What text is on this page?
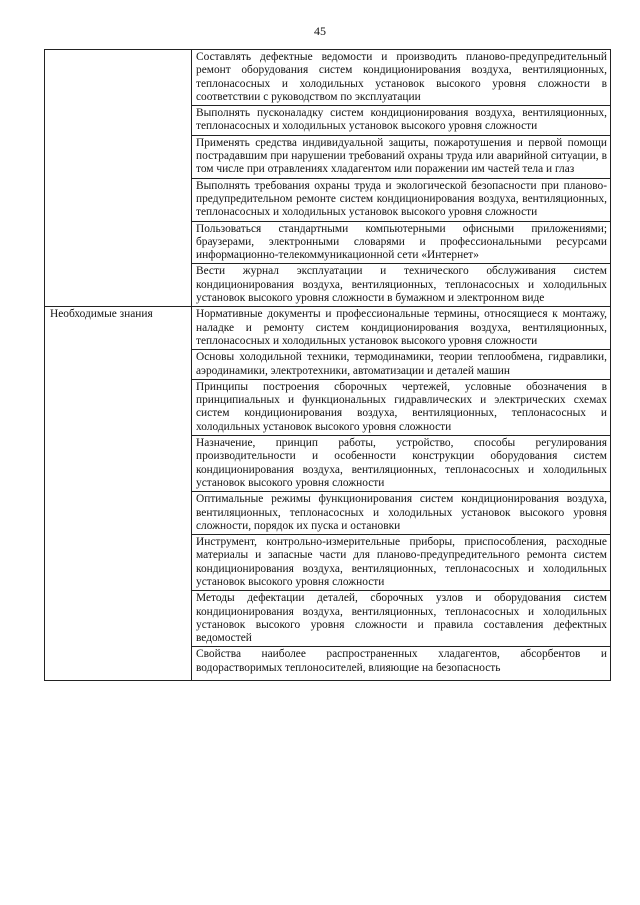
45
	Составлять дефектные ведомости и производить планово-предупредительный ремонт оборудования систем кондиционирования воздуха, вентиляционных, теплонасосных и холодильных установок высокого уровня сложности в соответствии с руководством по эксплуатации
	Выполнять пусконаладку систем кондиционирования воздуха, вентиляционных, теплонасосных и холодильных установок высокого уровня сложности
	Применять средства индивидуальной защиты, пожаротушения и первой помощи пострадавшим при нарушении требований охраны труда или аварийной ситуации, в том числе при отравлениях хладагентом или поражении им частей тела и глаз
	Выполнять требования охраны труда и экологической безопасности при планово-предупредительном ремонте систем кондиционирования воздуха, вентиляционных, теплонасосных и холодильных установок высокого уровня сложности
	Пользоваться стандартными компьютерными офисными приложениями; браузерами, электронными словарями и профессиональными ресурсами информационно-телекоммуникационной сети «Интернет»
	Вести журнал эксплуатации и технического обслуживания систем кондиционирования воздуха, вентиляционных, теплонасосных и холодильных установок высокого уровня сложности в бумажном и электронном виде
Необходимые знания	Нормативные документы и профессиональные термины, относящиеся к монтажу, наладке и ремонту систем кондиционирования воздуха, вентиляционных, теплонасосных и холодильных установок высокого уровня сложности
	Основы холодильной техники, термодинамики, теории теплообмена, гидравлики, аэродинамики, электротехники, автоматизации и деталей машин
	Принципы построения сборочных чертежей, условные обозначения в принципиальных и функциональных гидравлических и электрических схемах систем кондиционирования воздуха, вентиляционных, теплонасосных и холодильных установок высокого уровня сложности
	Назначение, принцип работы, устройство, способы регулирования производительности и особенности конструкции оборудования систем кондиционирования воздуха, вентиляционных, теплонасосных и холодильных установок высокого уровня сложности
	Оптимальные режимы функционирования систем кондиционирования воздуха, вентиляционных, теплонасосных и холодильных установок высокого уровня сложности, порядок их пуска и остановки
	Инструмент, контрольно-измерительные приборы, приспособления, расходные материалы и запасные части для планово-предупредительного ремонта систем кондиционирования воздуха, вентиляционных, теплонасосных и холодильных установок высокого уровня сложности
	Методы дефектации деталей, сборочных узлов и оборудования систем кондиционирования воздуха, вентиляционных, теплонасосных и холодильных установок высокого уровня сложности и правила составления дефектных ведомостей

	Свойства наиболее распространенных хладагентов, абсорбентов и водорастворимых теплоносителей, влияющие на безопасность
